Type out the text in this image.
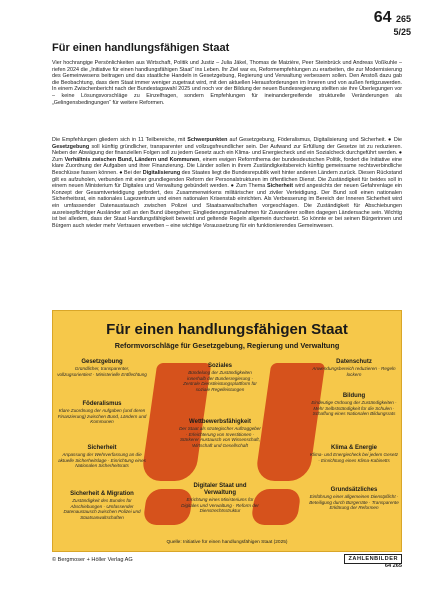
64 265
5/25
Für einen handlungsfähigen Staat

Vier hochrangige Persönlichkeiten aus Wirtschaft, Politik und Justiz – Julia Jäkel, Thomas de Maizière, Peer Steinbrück und Andreas Voßkuhle – riefen 2024 die „Initiative für einen handlungsfähigen Staat“ ins Leben. Ihr Ziel war es, Reformempfehlungen zu erarbeiten, die zur Modernisierung des Gemeinwesens beitragen und das staatliche Handeln in Gesetzgebung, Regierung und Verwaltung verbessern sollen. Den Anstoß dazu gab die Beobachtung, dass dem Staat immer weniger zugetraut wird, mit den aktuellen Herausforderungen im Inneren und von außen fertigzuwerden. In einem Zwischenbericht nach der Bundestagswahl 2025 und noch vor der Bildung der neuen Bundesregierung stellten sie ihre Überlegungen vor – keine Lösungsvorschläge zu Einzelfragen, sondern Empfehlungen für ineinandergreifende strukturelle Veränderungen als „Gelingensbedingungen“ für weitere Reformen.

Die Empfehlungen gliedern sich in 11 Teilbereiche, mit Schwerpunkten auf Gesetzgebung, Föderalismus, Digitalisierung und Sicherheit. ● Die Gesetzgebung soll künftig gründlicher, transparenter und vollzugsfreundlicher sein. Der Aufwand zur Erfüllung der Gesetze ist zu reduzieren. Neben der Abwägung der finanziellen Folgen soll zu jedem Gesetz auch ein Klima- und Energiecheck und ein Sozialcheck durchgeführt werden. ● Zum Verhältnis zwischen Bund, Ländern und Kommunen, einem ewigen Reformthema der bundesdeutschen Politik, fordert die Initiative eine klare Zuordnung der Aufgaben und ihrer Finanzierung. Die Länder sollen in ihrem Zuständigkeitsbereich künftig gemeinsame rechtsverbindliche Beschlüsse fassen können. ● Bei der Digitalisierung des Staates liegt die Bundesrepublik weit hinter anderen Ländern zurück. Diesen Rückstand gilt es aufzuholen, verbunden mit einer grundlegenden Reform der Personalstrukturen im öffentlichen Dienst. Die Zuständigkeit für beides soll in einem neuen Ministerium für Digitales und Verwaltung gebündelt werden. ● Zum Thema Sicherheit wird angesichts der neuen Gefahrenlage ein Konzept der Gesamtverteidigung gefordert, des Zusammenwirkens militärischer und ziviler Verteidigung. Der Bund soll einen nationalen Sicherheitsrat, ein nationales Lagezentrum und einen nationalen Krisenstab einrichten. Als Verbesserung im Bereich der Inneren Sicherheit wird ein umfassender Datenaustausch zwischen Polizei und Staatsanwaltschaften vorgeschlagen. Die Zuständigkeit für Abschiebungen ausreisepflichtiger Ausländer soll an den Bund übergehen; Eingliederungsmaßnahmen für Zuwanderer sollten dagegen Ländersache sein. Wichtig ist bei alledem, dass der Staat Handlungsfähigkeit beweist und geltende Regeln allgemein durchsetzt. So könnte er bei seinen Bürgerinnen und Bürgern auch wieder mehr Vertrauen erwerben – eine wichtige Voraussetzung für ein funktionierendes Gemeinwesen.

Für einen handlungsfähigen Staat
Reformvorschläge für Gesetzgebung, Regierung und Verwaltung
Gesetzgebung
Gründlicher, transparenter, vollzugsorientiert · Ministerielle Entflechtung
Föderalismus
Klare Zuordnung der Aufgaben (und deren Finanzierung) zwischen Bund, Ländern und Kommunen
Sicherheit
Anpassung der Wehrverfassung an die aktuelle Sicherheitslage · Einrichtung eines Nationalen Sicherheitsrats
Sicherheit & Migration
Zuständigkeit des Bundes für Abschiebungen · Umfassender Datenaustausch zwischen Polizei und Staatsanwaltschaften
Soziales
Bündelung der Zuständigkeiten innerhalb der Bundesregierung · Zentrale Dienstleistungsplattform für soziale Regelleistungen
Wettbewerbsfähigkeit
Der Staat als strategischer Auftraggeber · Erleichterung von Investitionen · Stärkerer Austausch von Wissenschaft, Wirtschaft und Gesellschaft
Digitaler Staat und Verwaltung
Errichtung eines Ministeriums für Digitales und Verwaltung · Reform der Dienstrechtsstruktur
Datenschutz
Anwendungsbereich reduzieren · Regeln lockern
Bildung
Eindeutige Ordnung der Zuständigkeiten · Mehr Selbstständigkeit für die Schulen · Schaffung eines Nationalen Bildungsrats
Klima & Energie
Klima- und Energiecheck bei jedem Gesetz · Einrichtung eines Klima-Kabinetts
Grundsätzliches
Einführung einer allgemeinen Dienstpflicht · Beteiligung durch Bürgerräte · Transparente Erklärung der Reformen
Quelle: Initiative für einen handlungsfähigen Staat (2025)
© Bergmoser + Höller Verlag AG	ZAHLENBILDER
64 265
